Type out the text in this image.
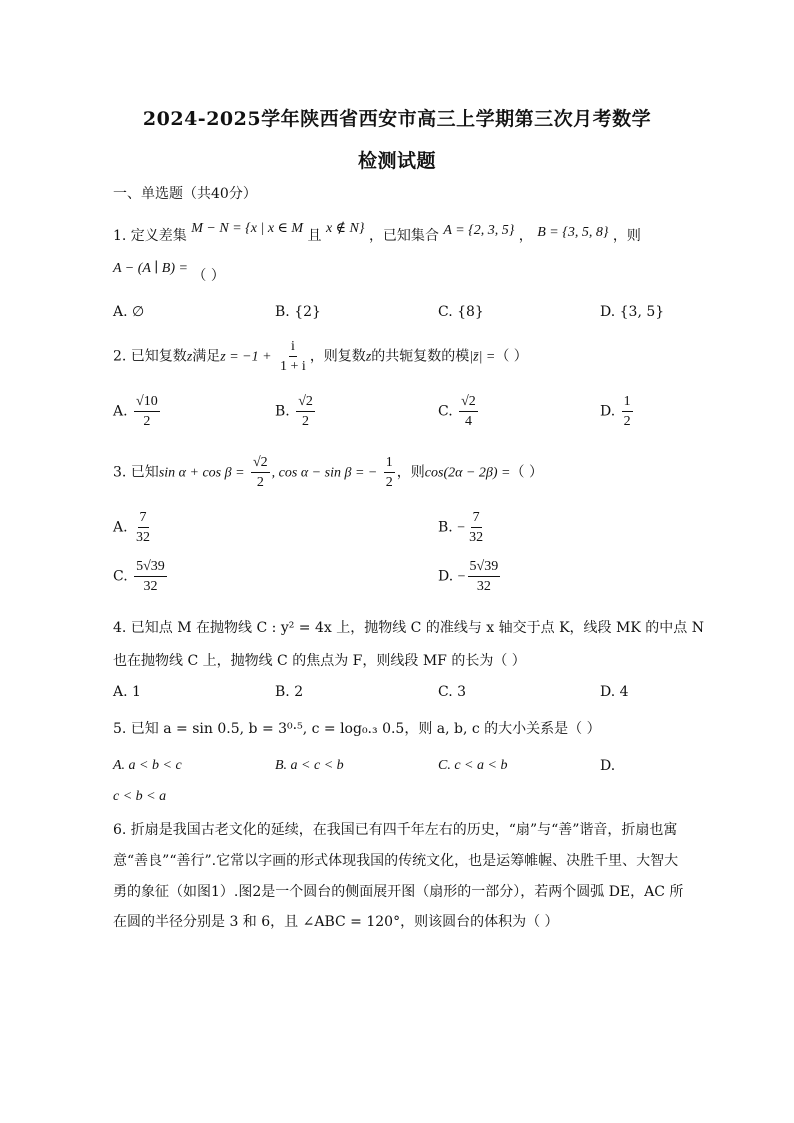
2024-2025学年陕西省西安市高三上学期第三次月考数学
检测试题
一、单选题（共40分）
1. 定义差集 M − N = {x | x ∈ M 且 x ∉ N} ，已知集合 A = {2, 3, 5} ， B = {3, 5, 8} ，则
A − (A ∣ B) = （ ）
A. ∅	B. {2}	C. {8}	D. {3, 5}
2. 已知复数z满足$z = -1 + \frac{i}{1 + i}$ ，则复数z的共轭复数的模|z̄| =（ ）
A. $\frac{√10}{2}$	B. $\frac{√2}{2}$	C. $\frac{√2}{4}$	D. $\frac{1}{2}$
3. 已知$\sin \alpha + \cos \beta = \frac{√2}{2}$ , cos α − sin β = − $\frac{1}{2}$ ，则cos(2α − 2β) =（ ）
A. $\frac{7}{32}$	B. − $\frac{7}{32}$
C. $\frac{5√39}{32}$	D. − $\frac{5√39}{32}$
4. 已知点 M 在抛物线 C : y² = 4x 上，抛物线 C 的准线与 x 轴交于点 K，线段 MK 的中点 N
也在抛物线 C 上，抛物线 C 的焦点为 F，则线段 MF 的长为（ ）
A. 1	B. 2	C. 3	D. 4
5. 已知 a = sin 0.5, b = 3⁰·⁵, c = log₀.₃ 0.5，则 a, b, c 的大小关系是（ ）
A. a < b < c	B. a < c < b	C. c < a < b	D.
c < b < a
6. 折扇是我国古老文化的延续，在我国已有四千年左右的历史，“扇”与“善”谐音，折扇也寓
意“善良”“善行”.它常以字画的形式体现我国的传统文化，也是运筹帷幄、决胜千里、大智大
勇的象征（如图1）.图2是一个圆台的侧面展开图（扇形的一部分），若两个圆弧 DE，AC 所
在圆的半径分别是 3 和 6，且 ∠ABC = 120°，则该圆台的体积为（ ）
